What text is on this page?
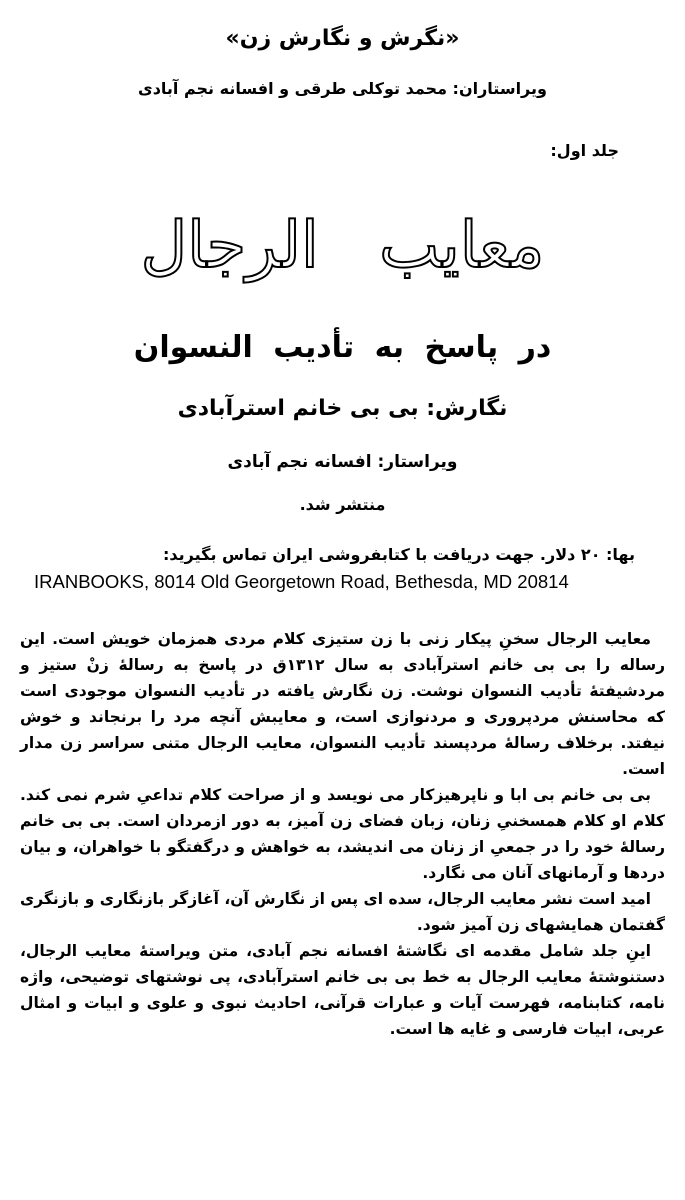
«نگرش و نگارش زن»
ویراستاران: محمد توکلی طرقی و افسانه نجم آبادی
جلد اول:
معایب الرجال
در پاسخ به تأدیب النسوان
نگارش: بی بی خانم استرآبادی
ویراستار: افسانه نجم آبادی
منتشر شد.
بها: ۲۰ دلار. جهت دریافت با کتابفروشی ایران تماس بگیرید:
IRANBOOKS, 8014 Old Georgetown Road, Bethesda, MD 20814

معایب الرجال سخنِ پیکار زنی با زن ستیزی کلام مردی همزمان خویش است. این رساله را بی بی خانم استرآبادی به سال ۱۳۱۲ق در پاسخ به رسالهٔ زنْ ستیز و مردشیفتهٔ تأدیب النسوان نوشت. زن نگارش یافته در تأدیب النسوان موجودی است که محاسنش مردپروری و مردنوازی است، و معایبش آنچه مرد را برنجاند و خوش نیفتد. برخلاف رسالهٔ مردپسند تأدیب النسوان، معایب الرجال متنی سراسر زن مدار است.

بی بی خانم بی ابا و ناپرهیزکار می نویسد و از صراحت کلام تداعیِ شرم نمی کند. کلام او کلام همسخنیِ زنان، زبان فضای زن آمیز، به دور ازمردان است. بی بی خانم رسالهٔ خود را در جمعیِ از زنان می اندیشد، به خواهش و درگفتگو با خواهران، و بیان دردها و آرمانهای آنان می نگارد.

امید است نشر معایب الرجال، سده ای پس از نگارش آن، آغازگر بازنگاری و بازنگری گفتمان همایشهای زن آمیز شود.

اینِ جلد شامل مقدمه ای نگاشتهٔ افسانه نجم آبادی، متن ویراستهٔ معایب الرجال، دستنوشتهٔ معایب الرجال به خط بی بی خانم استرآبادی، پی نوشتهای توضیحی، واژه نامه، کتابنامه، فهرست آیات و عبارات قرآنی، احادیث نبوی و علوی و ابیات و امثال عربی، ابیات فارسی و غایه ها است.
